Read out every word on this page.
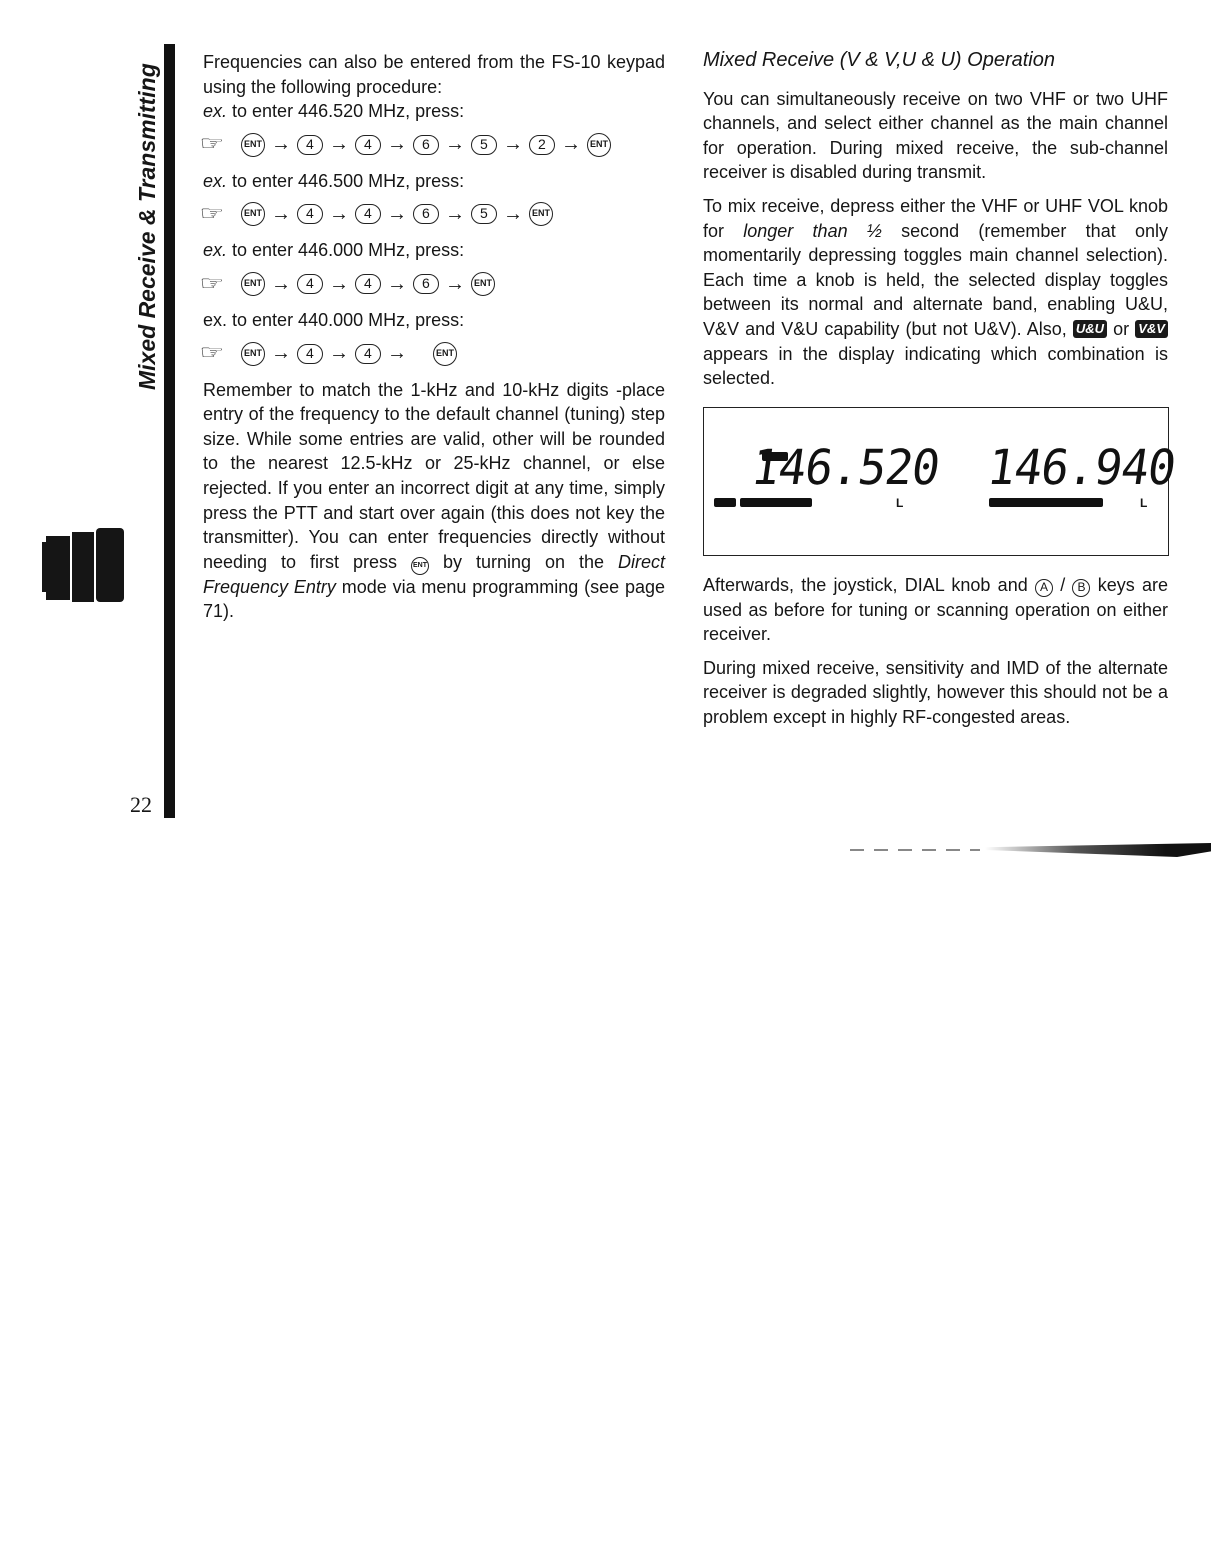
Mixed Receive & Transmitting
22
ENGLISH

Frequencies can also be entered from the FS-10 keypad using the following procedure:

ex. to enter 446.520 MHz, press:

☞	ENT →	4 →	4 →	6 →	5 →	2 →	ENT

ex. to enter 446.500 MHz, press:

☞	ENT →	4 →	4 →	6 →	5 →	ENT

ex. to enter 446.000 MHz, press:

☞	ENT →	4 →	4 →	6 →	ENT

ex. to enter 440.000 MHz, press:

☞	ENT →	4 →	4 →	ENT

Remember to match the 1-kHz and 10-kHz digits -place entry of the frequency to the default channel (tuning) step size. While some entries are valid, other will be rounded to the nearest 12.5-kHz or 25-kHz channel, or else rejected. If you enter an incorrect digit at any time, simply press the PTT and start over again (this does not key the transmitter). You can enter frequencies directly without needing to first press ENT by turning on the Direct Frequency Entry mode via menu programming (see page 71).

Mixed Receive (V & V,U & U) Operation

You can simultaneously receive on two VHF or two UHF channels, and select either channel as the main channel for operation. During mixed receive, the sub-channel receiver is disabled during transmit.

To mix receive, depress either the VHF or UHF VOL knob for longer than ½ second (remember that only momentarily depressing toggles main channel selection). Each time a knob is held, the selected display toggles between its normal and alternate band, enabling U&U, V&V and V&U capability (but not U&V). Also, U&U or V&V appears in the display indicating which combination is selected.

146.520 146.940
L	L

Afterwards, the joystick, DIAL knob and A / B keys are used as before for tuning or scanning operation on either receiver.

During mixed receive, sensitivity and IMD of the alternate receiver is degraded slightly, however this should not be a problem except in highly RF-congested areas.
